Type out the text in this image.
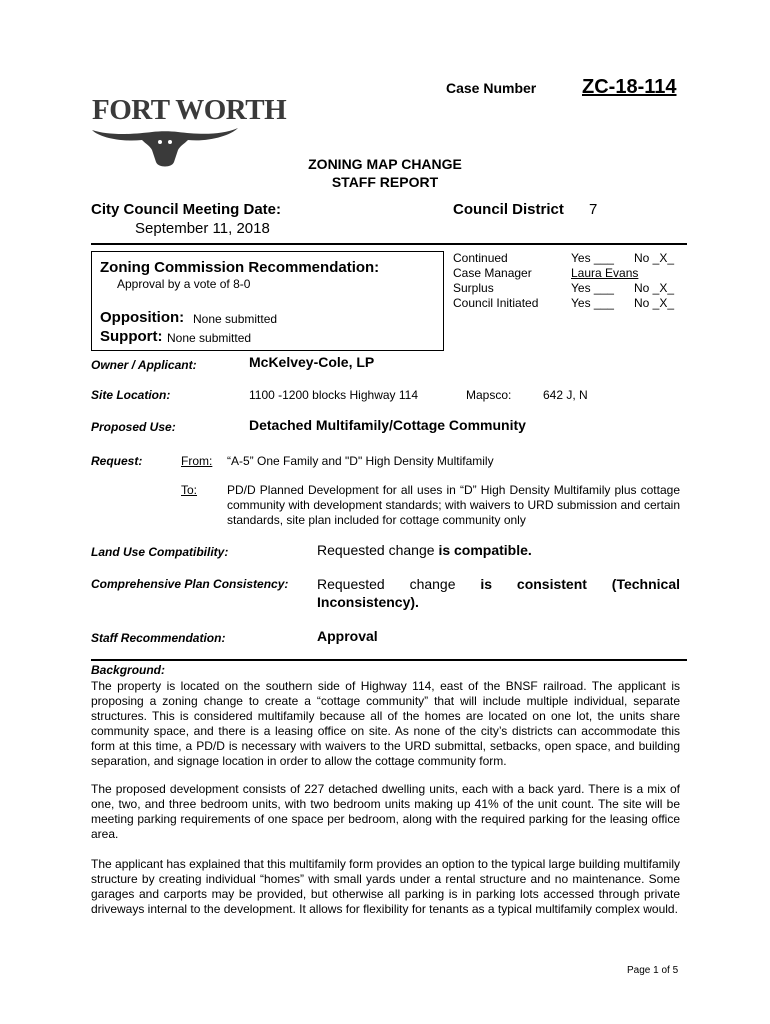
Case Number ZC-18-114
FORT WORTH
ZONING MAP CHANGE
STAFF REPORT
City Council Meeting Date:
September 11, 2018
Council District 7
Zoning Commission Recommendation:
Approval by a vote of 8-0
Opposition: None submitted
Support: None submitted
Continued	Yes ___ No _X_
Case Manager	Laura Evans
Surplus	Yes ___ No _X_
Council Initiated	Yes ___ No _X_
Owner / Applicant:	McKelvey-Cole, LP
Site Location:	1100 -1200 blocks Highway 114	Mapsco:	642 J, N
Proposed Use:	Detached Multifamily/Cottage Community
Request:	From: “A-5” One Family and "D" High Density Multifamily
To: PD/D Planned Development for all uses in “D” High Density Multifamily plus cottage community with development standards; with waivers to URD submission and certain standards, site plan included for cottage community only
Land Use Compatibility:	Requested change is compatible.
Comprehensive Plan Consistency: Requested change is consistent (Technical
Inconsistency).
Staff Recommendation:	Approval
Background:
The property is located on the southern side of Highway 114, east of the BNSF railroad. The applicant is proposing a zoning change to create a “cottage community” that will include multiple individual, separate structures. This is considered multifamily because all of the homes are located on one lot, the units share community space, and there is a leasing office on site. As none of the city’s districts can accommodate this form at this time, a PD/D is necessary with waivers to the URD submittal, setbacks, open space, and building separation, and signage location in order to allow the cottage community form.
The proposed development consists of 227 detached dwelling units, each with a back yard. There is a mix of one, two, and three bedroom units, with two bedroom units making up 41% of the unit count. The site will be meeting parking requirements of one space per bedroom, along with the required parking for the leasing office area.
The applicant has explained that this multifamily form provides an option to the typical large building multifamily structure by creating individual “homes” with small yards under a rental structure and no maintenance. Some garages and carports may be provided, but otherwise all parking is in parking lots accessed through private driveways internal to the development. It allows for flexibility for tenants as a typical multifamily complex would.
Page 1 of 5
